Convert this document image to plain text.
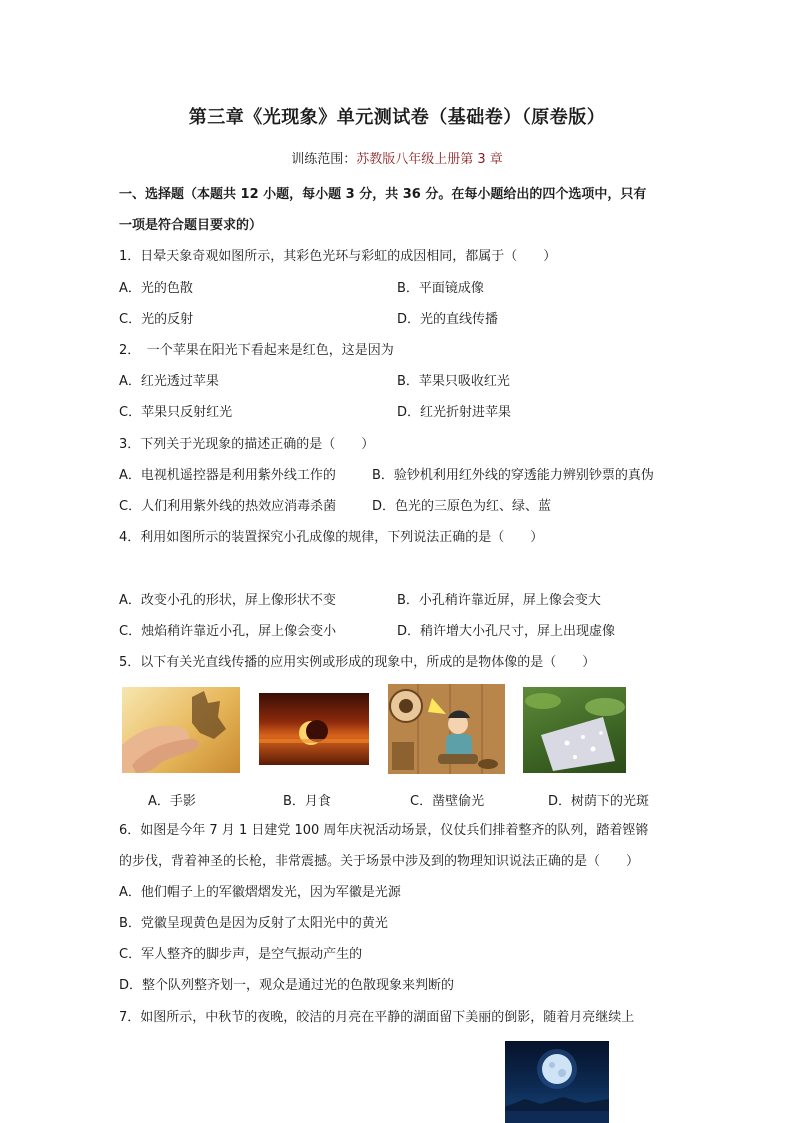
第三章《光现象》单元测试卷（基础卷）（原卷版）
训练范围：苏教版八年级上册第 3 章
一、选择题（本题共 12 小题，每小题 3 分，共 36 分。在每小题给出的四个选项中，只有
一项是符合题目要求的）
1．日晕天象奇观如图所示，其彩色光环与彩虹的成因相同，都属于（　　）
A．光的色散	B．平面镜成像
C．光的反射	D．光的直线传播
2．　一个苹果在阳光下看起来是红色，这是因为
A．红光透过苹果	B．苹果只吸收红光
C．苹果只反射红光	D．红光折射进苹果
3．下列关于光现象的描述正确的是（　　）
A．电视机遥控器是利用紫外线工作的	B．验钞机利用红外线的穿透能力辨别钞票的真伪
C．人们利用紫外线的热效应消毒杀菌	D．色光的三原色为红、绿、蓝
4．利用如图所示的装置探究小孔成像的规律，下列说法正确的是（　　）
A．改变小孔的形状，屏上像形状不变	B．小孔稍许靠近屏，屏上像会变大
C．烛焰稍许靠近小孔，屏上像会变小	D．稍许增大小孔尺寸，屏上出现虚像
5．以下有关光直线传播的应用实例或形成的现象中，所成的是物体像的是（　　）
A．手影	B．月食	C．凿壁偷光	D．树荫下的光斑
6．如图是今年 7 月 1 日建党 100 周年庆祝活动场景，仪仗兵们排着整齐的队列，踏着铿锵
的步伐，背着神圣的长枪，非常震撼。关于场景中涉及到的物理知识说法正确的是（　　）
A．他们帽子上的军徽熠熠发光，因为军徽是光源
B．党徽呈现黄色是因为反射了太阳光中的黄光
C．军人整齐的脚步声，是空气振动产生的
D．整个队列整齐划一，观众是通过光的色散现象来判断的
7．如图所示，中秋节的夜晚，皎洁的月亮在平静的湖面留下美丽的倒影，随着月亮继续上
